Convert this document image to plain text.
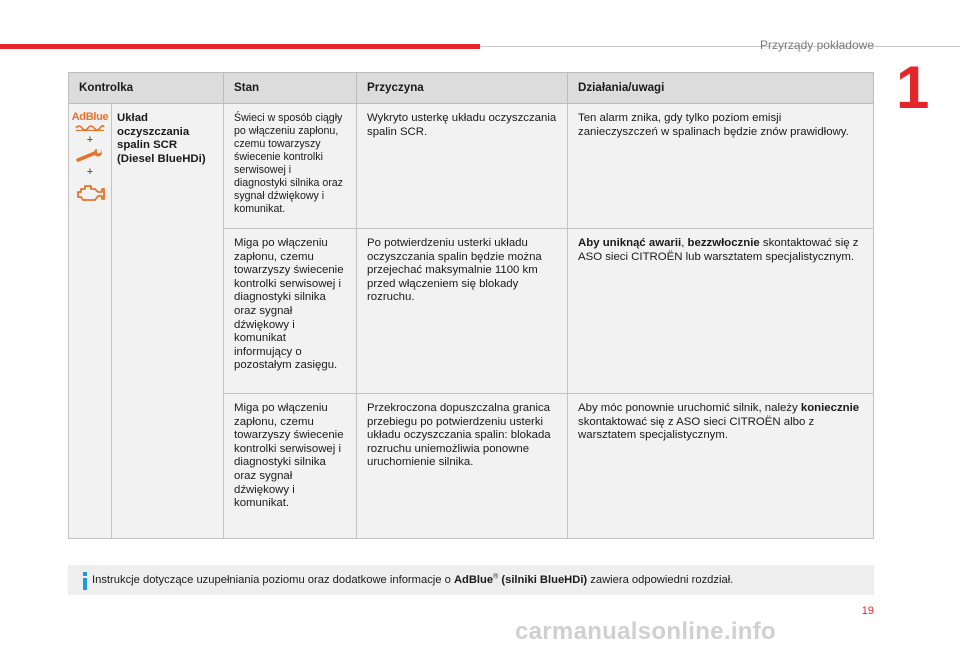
Przyrządy pokładowe
1
Kontrolka		Stan	Przyczyna	Działania/uwagi

AdBlue
+
+	Układ oczyszczania spalin SCR (Diesel BlueHDi)	Świeci w sposób ciągły po włączeniu zapłonu, czemu towarzyszy świecenie kontrolki serwisowej i diagnostyki silnika oraz sygnał dźwiękowy i komunikat.	Wykryto usterkę układu oczyszczania spalin SCR.	Ten alarm znika, gdy tylko poziom emisji zanieczyszczeń w spalinach będzie znów prawidłowy.
		Miga po włączeniu zapłonu, czemu towarzyszy świecenie kontrolki serwisowej i diagnostyki silnika oraz sygnał dźwiękowy i komunikat informujący o pozostałym zasięgu.	Po potwierdzeniu usterki układu oczyszczania spalin będzie można przejechać maksymalnie 1100 km przed włączeniem się blokady rozruchu.	Aby uniknąć awarii, bezzwłocznie skontaktować się z ASO sieci CITROËN lub warsztatem specjalistycznym.
		Miga po włączeniu zapłonu, czemu towarzyszy świecenie kontrolki serwisowej i diagnostyki silnika oraz sygnał dźwiękowy i komunikat.	Przekroczona dopuszczalna granica przebiegu po potwierdzeniu usterki układu oczyszczania spalin: blokada rozruchu uniemożliwia ponowne uruchomienie silnika.	Aby móc ponownie uruchomić silnik, należy koniecznie skontaktować się z ASO sieci CITROËN albo z warsztatem specjalistycznym.
Instrukcje dotyczące uzupełniania poziomu oraz dodatkowe informacje o AdBlue® (silniki BlueHDi) zawiera odpowiedni rozdział.
19
carmanualsonline.info
